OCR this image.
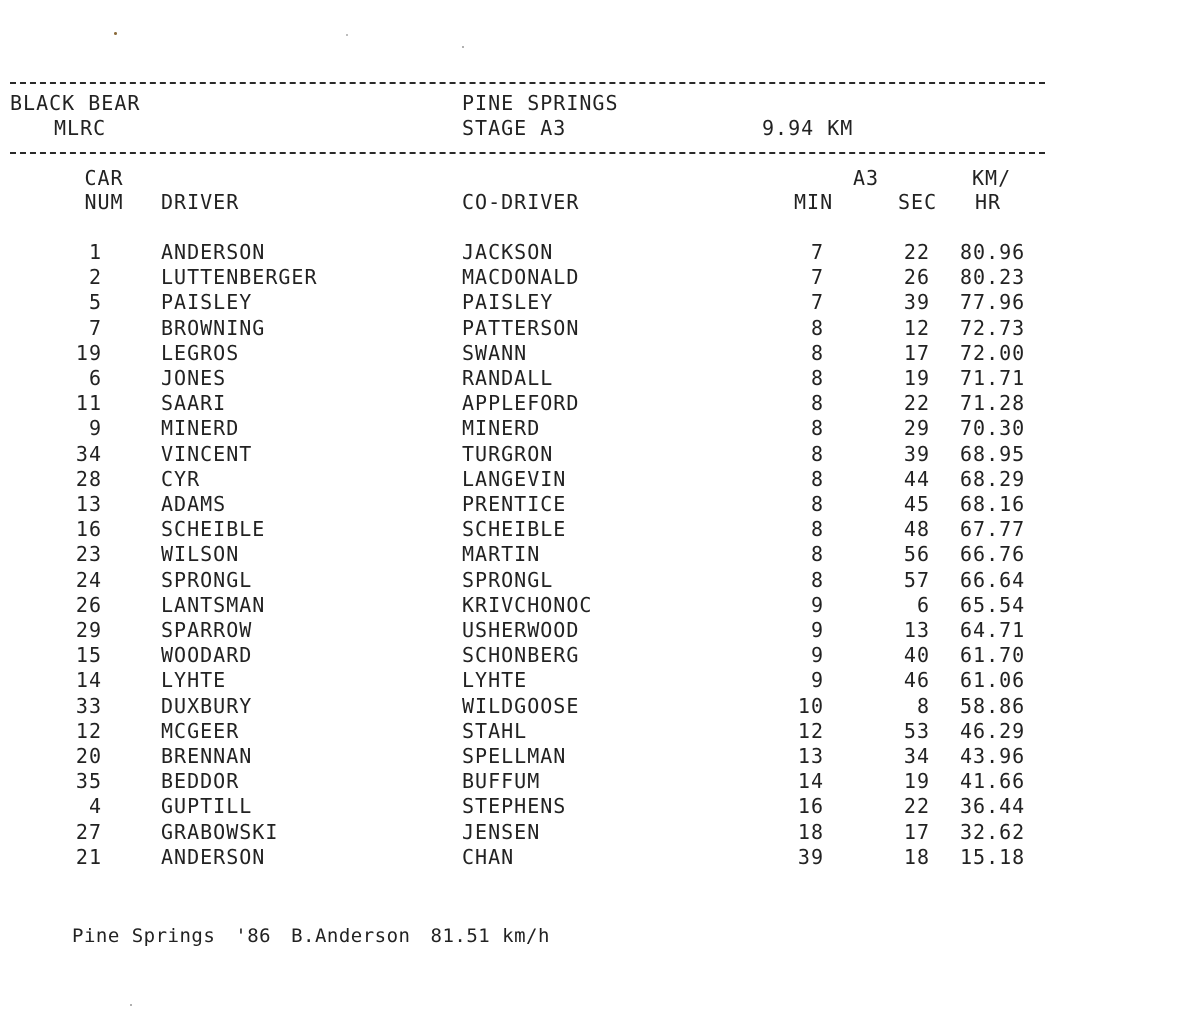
BLACK BEAR
MLRC
PINE SPRINGS
STAGE A3	9.94 KM
CAR
NUM	DRIVER	CO-DRIVER
A3
MIN	SEC
KM/
HR
1	ANDERSON	JACKSON	7	22 80.96
2	LUTTENBERGER	MACDONALD	7	26 80.23
5	PAISLEY	PAISLEY	7	39 77.96
7	BROWNING	PATTERSON	8	12 72.73
19	LEGROS	SWANN	8	17 72.00
6	JONES	RANDALL	8	19 71.71
11	SAARI	APPLEFORD	8	22 71.28
9	MINERD	MINERD	8	29 70.30
34	VINCENT	TURGRON	8	39 68.95
28	CYR	LANGEVIN	8	44 68.29
13	ADAMS	PRENTICE	8	45 68.16
16	SCHEIBLE	SCHEIBLE	8	48 67.77
23	WILSON	MARTIN	8	56 66.76
24	SPRONGL	SPRONGL	8	57 66.64
26	LANTSMAN	KRIVCHONOC	9	6 65.54
29	SPARROW	USHERWOOD	9	13 64.71
15	WOODARD	SCHONBERG	9	40 61.70
14	LYHTE	LYHTE	9	46 61.06
33	DUXBURY	WILDGOOSE	10	8 58.86
12	MCGEER	STAHL	12	53 46.29
20	BRENNAN	SPELLMAN	13	34 43.96
35	BEDDOR	BUFFUM	14	19 41.66
4	GUPTILL	STEPHENS	16	22 36.44
27	GRABOWSKI	JENSEN	18	17 32.62
21	ANDERSON	CHAN	39	18 15.18
Pine Springs '86 B.Anderson 81.51 km/h
